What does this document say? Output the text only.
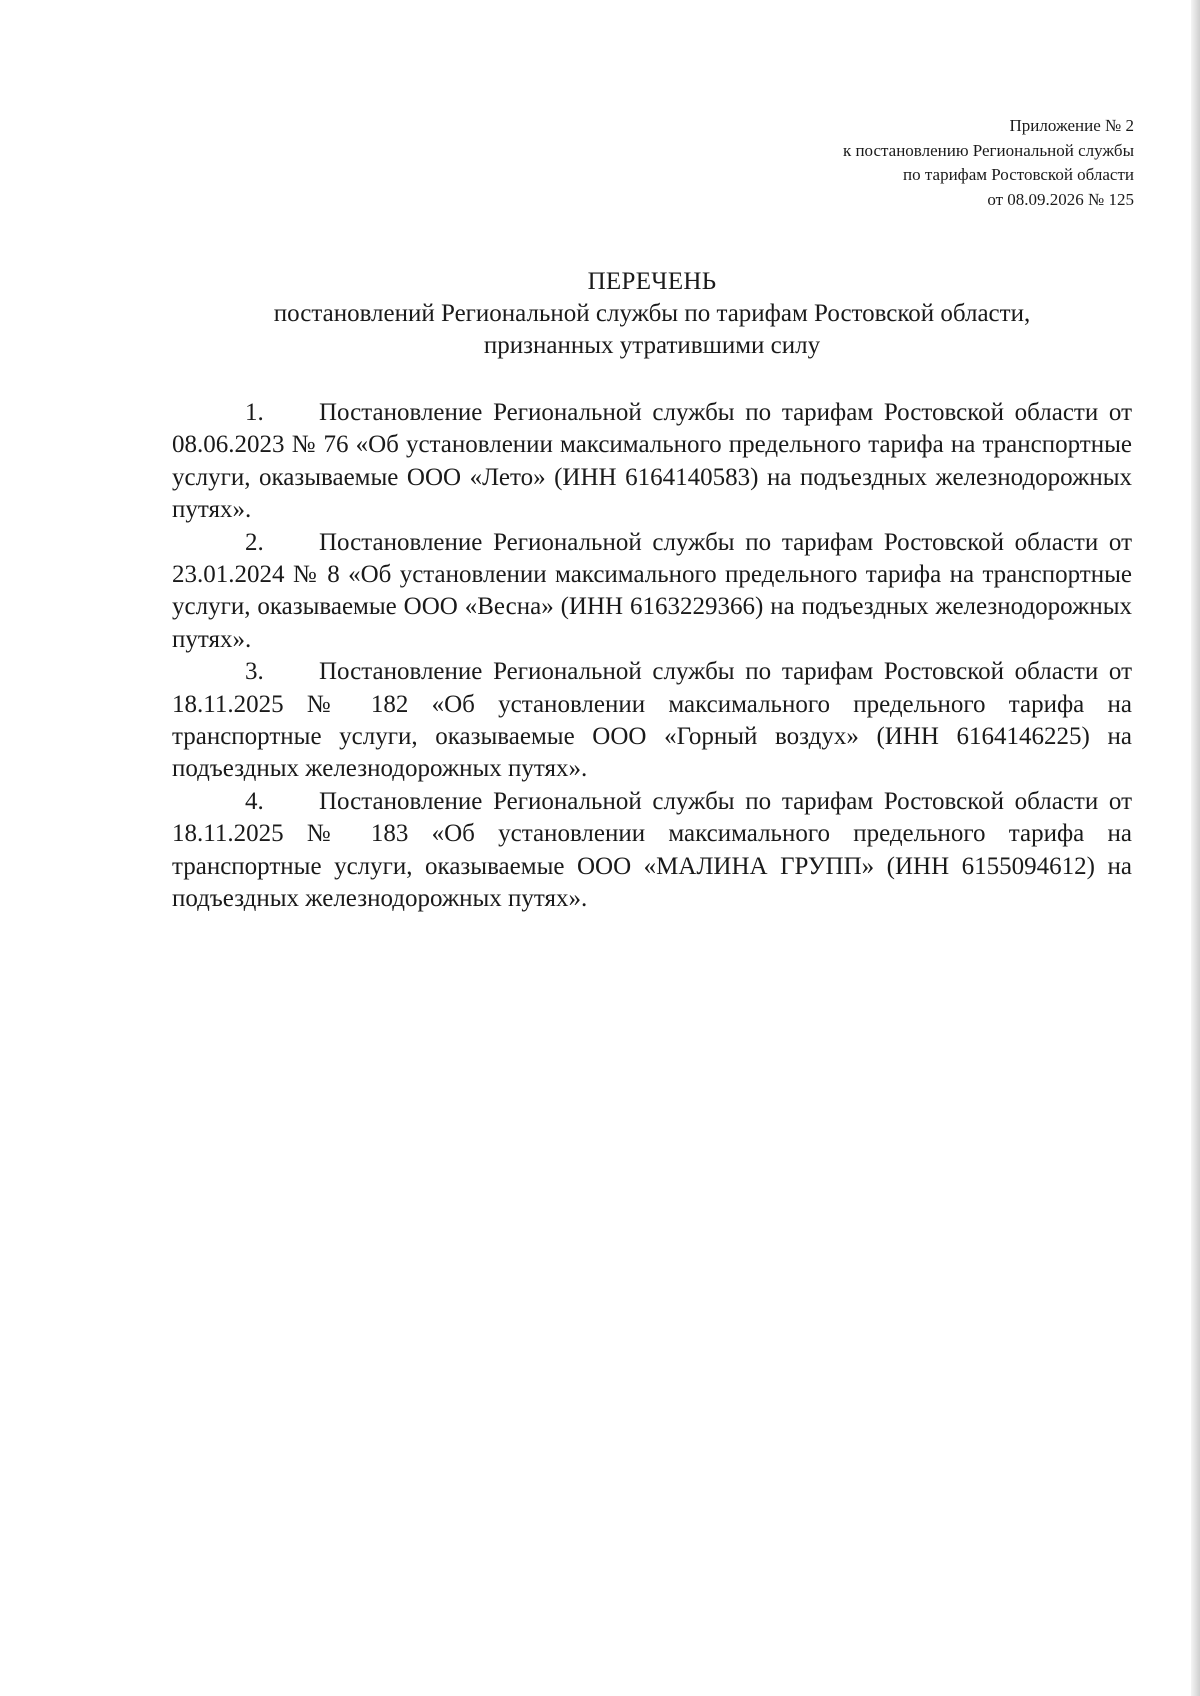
Приложение № 2
к постановлению Региональной службы
по тарифам Ростовской области
от 08.09.2026 № 125
ПЕРЕЧЕНЬ
постановлений Региональной службы по тарифам Ростовской области,
признанных утратившими силу

1. Постановление Региональной службы по тарифам Ростовской области от 08.06.2023 № 76 «Об установлении максимального предельного тарифа на транспортные услуги, оказываемые ООО «Лето» (ИНН 6164140583) на подъездных железнодорожных путях».

2. Постановление Региональной службы по тарифам Ростовской области от 23.01.2024 № 8 «Об установлении максимального предельного тарифа на транспортные услуги, оказываемые ООО «Весна» (ИНН 6163229366) на подъездных железнодорожных путях».

3. Постановление Региональной службы по тарифам Ростовской области от 18.11.2025 № 182 «Об установлении максимального предельного тарифа на транспортные услуги, оказываемые ООО «Горный воздух» (ИНН 6164146225) на подъездных железнодорожных путях».

4. Постановление Региональной службы по тарифам Ростовской области от 18.11.2025 № 183 «Об установлении максимального предельного тарифа на транспортные услуги, оказываемые ООО «МАЛИНА ГРУПП» (ИНН 6155094612) на подъездных железнодорожных путях».
